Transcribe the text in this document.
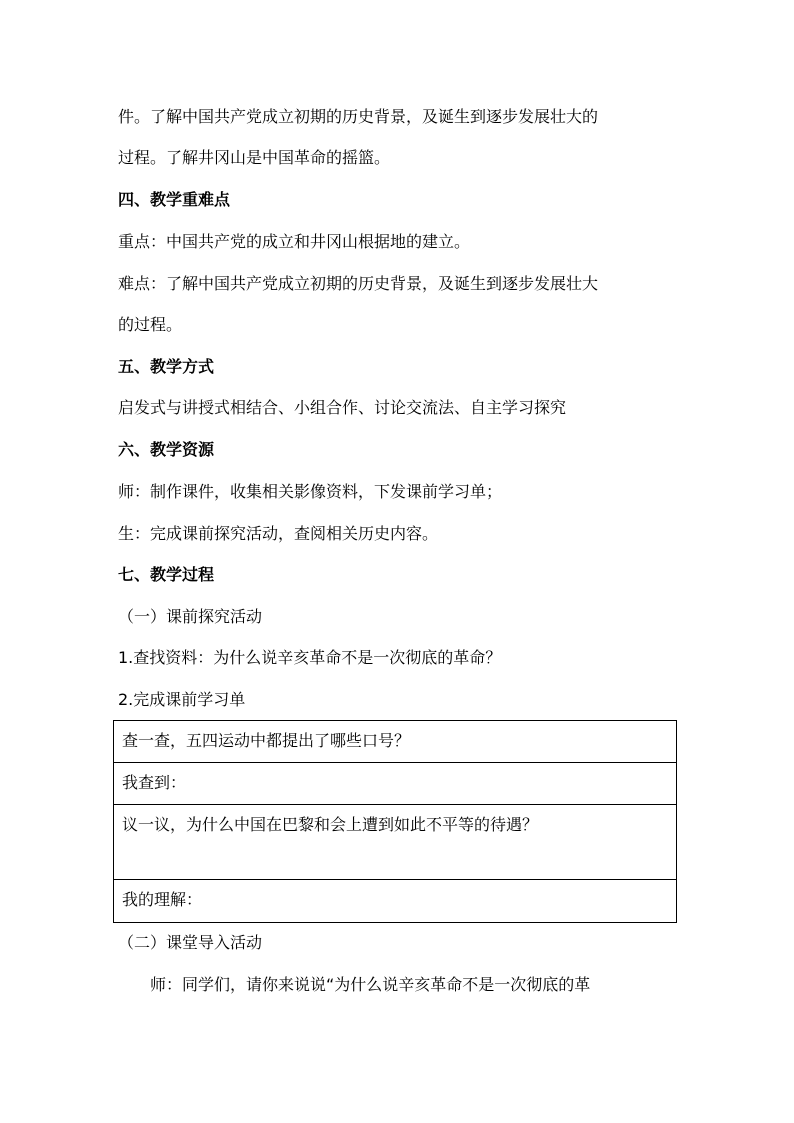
件。了解中国共产党成立初期的历史背景，及诞生到逐步发展壮大的
过程。了解井冈山是中国革命的摇篮。
四、教学重难点
重点：中国共产党的成立和井冈山根据地的建立。
难点：了解中国共产党成立初期的历史背景，及诞生到逐步发展壮大
的过程。
五、教学方式
启发式与讲授式相结合、小组合作、讨论交流法、自主学习探究
六、教学资源
师：制作课件，收集相关影像资料，下发课前学习单；
生：完成课前探究活动，查阅相关历史内容。
七、教学过程
（一）课前探究活动
1.查找资料：为什么说辛亥革命不是一次彻底的革命？
2.完成课前学习单
查一查，五四运动中都提出了哪些口号？

我查到：

议一议，为什么中国在巴黎和会上遭到如此不平等的待遇？

我的理解：
（二）课堂导入活动
师：同学们，请你来说说“为什么说辛亥革命不是一次彻底的革
